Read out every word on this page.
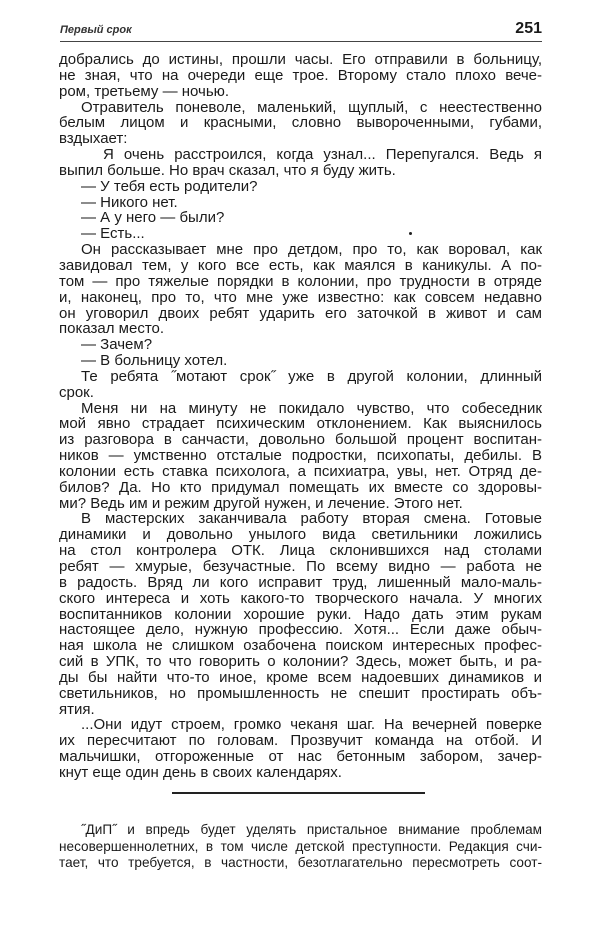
Первый срок	251
добрались до истины, прошли часы. Его отправили в больницу,
не зная, что на очереди еще трое. Второму стало плохо вече-
ром, третьему — ночью.
Отравитель поневоле, маленький, щуплый, с неестественно
белым лицом и красными, словно вывороченными, губами,
вздыхает:
Я очень расстроился, когда узнал... Перепугался. Ведь я
выпил больше. Но врач сказал, что я буду жить.
— У тебя есть родители?
— Никого нет.
— А у него — были?
— Есть...
Он рассказывает мне про детдом, про то, как воровал, как
завидовал тем, у кого все есть, как маялся в каникулы. А по-
том — про тяжелые порядки в колонии, про трудности в отряде
и, наконец, про то, что мне уже известно: как совсем недавно
он уговорил двоих ребят ударить его заточкой в живот и сам
показал место.
— Зачем?
— В больницу хотел.
Те ребята ˝мотают срок˝ уже в другой колонии, длинный
срок.
Меня ни на минуту не покидало чувство, что собеседник
мой явно страдает психическим отклонением. Как выяснилось
из разговора в санчасти, довольно большой процент воспитан-
ников — умственно отсталые подростки, психопаты, дебилы. В
колонии есть ставка психолога, а психиатра, увы, нет. Отряд де-
билов? Да. Но кто придумал помещать их вместе со здоровы-
ми? Ведь им и режим другой нужен, и лечение. Этого нет.
В мастерских заканчивала работу вторая смена. Готовые
динамики и довольно унылого вида светильники ложились
на стол контролера ОТК. Лица склонившихся над столами
ребят — хмурые, безучастные. По всему видно — работа не
в радость. Вряд ли кого исправит труд, лишенный мало-маль-
ского интереса и хоть какого-то творческого начала. У многих
воспитанников колонии хорошие руки. Надо дать этим рукам
настоящее дело, нужную профессию. Хотя... Если даже обыч-
ная школа не слишком озабочена поиском интересных профес-
сий в УПК, то что говорить о колонии? Здесь, может быть, и ра-
ды бы найти что-то иное, кроме всем надоевших динамиков и
светильников, но промышленность не спешит простирать объ-
ятия.
...Они идут строем, громко чеканя шаг. На вечерней поверке
их пересчитают по головам. Прозвучит команда на отбой. И
мальчишки, отгороженные от нас бетонным забором, зачер-
кнут еще один день в своих календарях.
˝ДиП˝ и впредь будет уделять пристальное внимание проблемам
несовершеннолетних, в том числе детской преступности. Редакция счи-
тает, что требуется, в частности, безотлагательно пересмотреть соот-
